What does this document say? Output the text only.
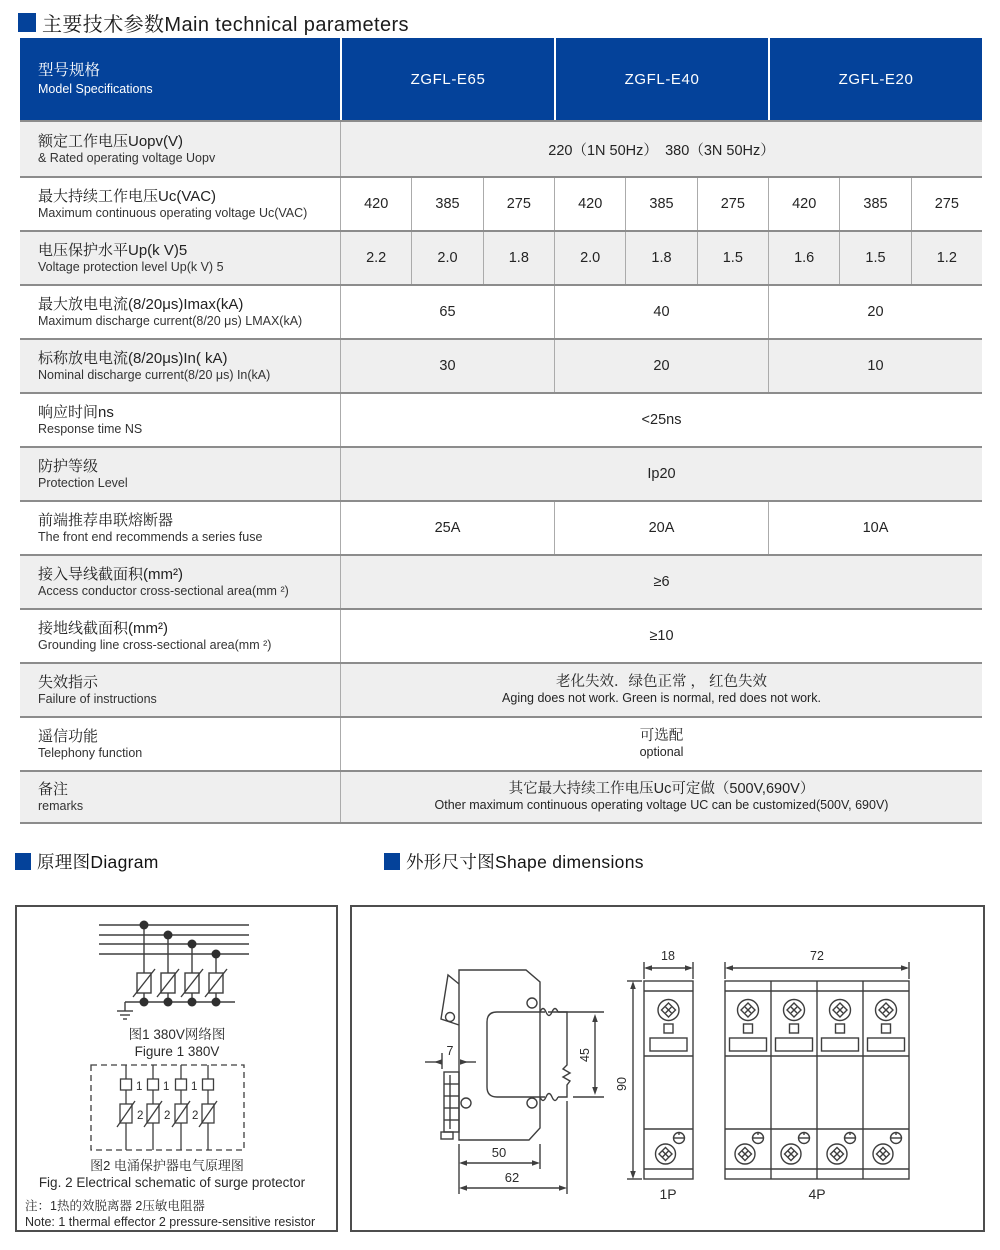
主要技术参数Main technical parameters
型号规格
Model Specifications
ZGFL-E65	ZGFL-E40	ZGFL-E20
额定工作电压Uopv(V)
& Rated operating voltage Uopv	220（1N 50Hz）　380（3N 50Hz）
最大持续工作电压Uc(VAC)
Maximum continuous operating voltage Uc(VAC)
420	385	275	420	385	275	420	385	275
电压保护水平Up(k V)5
Voltage protection level Up(k V) 5
2.2	2.0	1.8	2.0	1.8	1.5	1.6	1.5	1.2
最大放电电流(8/20μs)Imax(kA)
Maximum discharge current(8/20 μs) LMAX(kA)
65	40	20
标称放电电流(8/20μs)In( kA)
Nominal discharge current(8/20 μs) In(kA)
30	20	10
响应时间ns
Response time NS
<25ns
防护等级
Protection Level
Ip20
前端推荐串联熔断器
The front end recommends a series fuse
25A	20A	10A
接入导线截面积(mm²)
Access conductor cross-sectional area(mm ²)
≥6
接地线截面积(mm²)
Grounding line cross-sectional area(mm ²)
≥10
失效指示
Failure of instructions
老化失效．绿色正常 ， 红色失效
Aging does not work. Green is normal, red does not work.
遥信功能
Telephony function
可选配
optional
备注
remarks
其它最大持续工作电压Uc可定做（500V,690V）
Other maximum continuous operating voltage UC can be customized(500V, 690V)
原理图Diagram	外形尺寸图Shape dimensions
图1 380V网络图
Figure 1 380V
1 1 1
2 2 2
图2 电涌保护器电气原理图
Fig. 2 Electrical schematic of surge protector
注：1热的效脱离器 2压敏电阻器
Note: 1 thermal effector 2 pressure-sensitive resistor
7	45
50
62
18
90
72
1P	4P
